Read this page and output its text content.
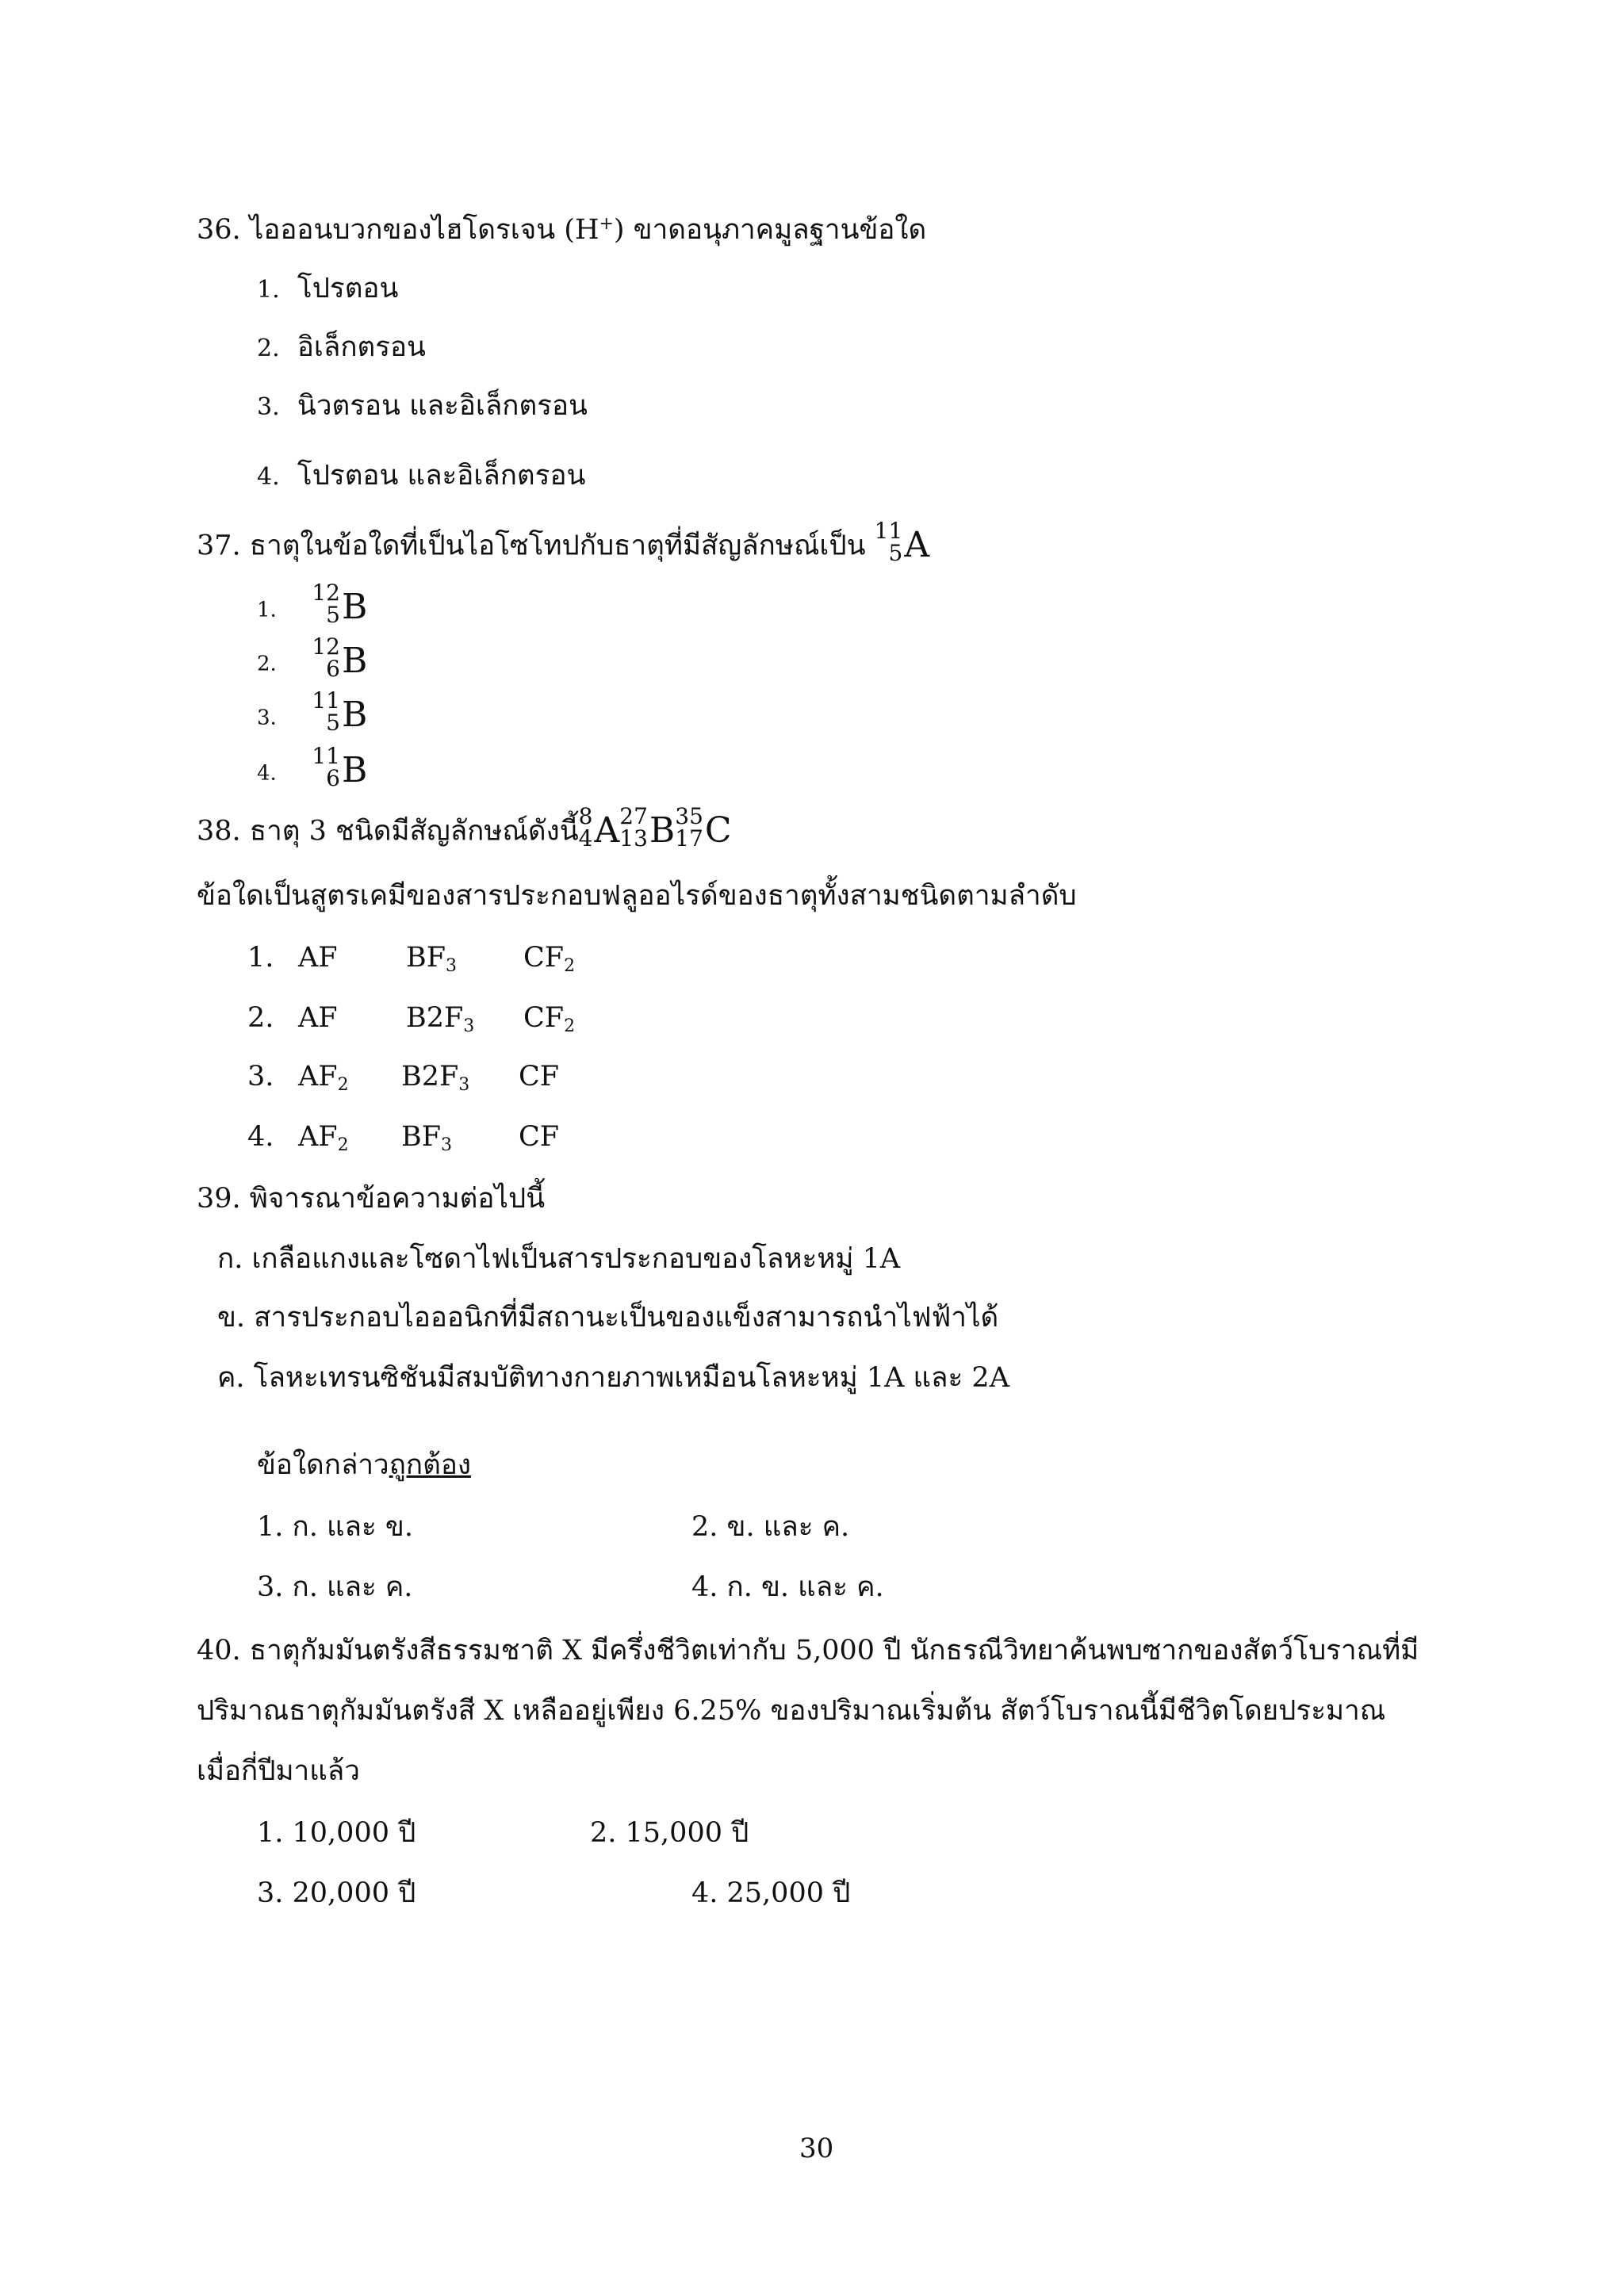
36. ไอออนบวกของไฮโดรเจน (H+) ขาดอนุภาคมูลฐานข้อใด
1. โปรตอน
2. อิเล็กตรอน
3. นิวตรอน และอิเล็กตรอน
4. โปรตอน และอิเล็กตรอน
37. ธาตุในข้อใดที่เป็นไอโซโทปกับธาตุที่มีสัญลักษณ์เป็น 11
5 A
1.
12
5 B
2.
12
6 B
3.
11
5 B
4.
11
6 B
38. ธาตุ 3 ชนิดมีสัญลักษณ์ดังนี้ 8
4 A 27
13 B 35
17 C
ข้อใดเป็นสูตรเคมีของสารประกอบฟลูออไรด์ของธาตุทั้งสามชนิดตามลำดับ
1. AF $BF_3$ $CF_2$
2. AF $B2F_3$ $CF_2$
3. $AF_2$ $B2F_3$ CF
4. $AF_2$ $BF_3$ CF
39. พิจารณาข้อความต่อไปนี้
ก. เกลือแกงและโซดาไฟเป็นสารประกอบของโลหะหมู่ 1A
ข. สารประกอบไอออนิกที่มีสถานะเป็นของแข็งสามารถนำไฟฟ้าได้
ค. โลหะเทรนซิชันมีสมบัติทางกายภาพเหมือนโลหะหมู่ 1A และ 2A
ข้อใดกล่าวถูกต้อง
1. ก. และ ข.	2. ข. และ ค.
3. ก. และ ค.	4. ก. ข. และ ค.
40. ธาตุกัมมันตรังสีธรรมชาติ X มีครึ่งชีวิตเท่ากับ 5,000 ปี นักธรณีวิทยาค้นพบซากของสัตว์โบราณที่มี
ปริมาณธาตุกัมมันตรังสี X เหลืออยู่เพียง 6.25% ของปริมาณเริ่มต้น สัตว์โบราณนี้มีชีวิตโดยประมาณ
เมื่อกี่ปีมาแล้ว
1. 10,000 ปี	2. 15,000 ปี
3. 20,000 ปี	4. 25,000 ปี
30
